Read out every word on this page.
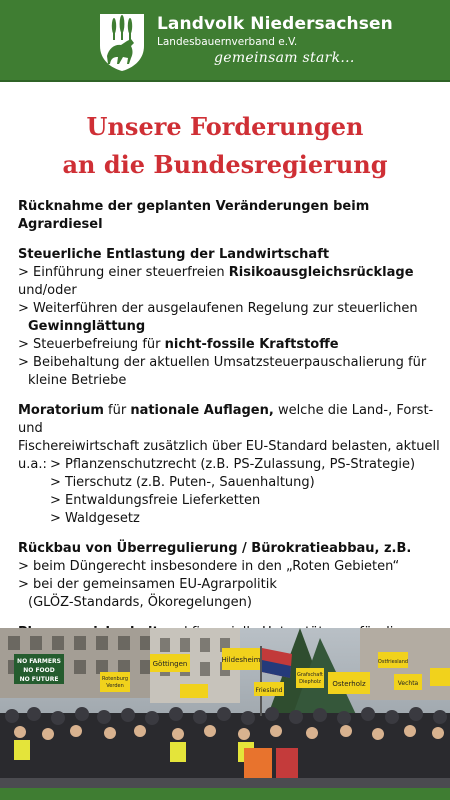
Landvolk Niedersachsen
Landesbauernverband e.V.
gemeinsam stark...
Unsere Forderungen
an die Bundesregierung

Rücknahme der geplanten Veränderungen beim Agrardiesel

Steuerliche Entlastung der Landwirtschaft

> Einführung einer steuerfreien Risikoausgleichsrücklage und/oder

> Weiterführen der ausgelaufenen Regelung zur steuerlichen

Gewinnglättung

> Steuerbefreiung für nicht-fossile Kraftstoffe

> Beibehaltung der aktuellen Umsatzsteuerpauschalierung für

kleine Betriebe

Moratorium für nationale Auflagen, welche die Land-, Forst- und

Fischereiwirtschaft zusätzlich über EU-Standard belasten, aktuell

u.a.: > Pflanzenschutzrecht (z.B. PS-Zulassung, PS-Strategie)

> Tierschutz (z.B. Puten-, Sauenhaltung)

> Entwaldungsfreie Lieferketten

> Waldgesetz

Rückbau von Überregulierung / Bürokratieabbau, z.B.

> beim Düngerecht insbesondere in den „Roten Gebieten“

> bei der gemeinsamen EU-Agrarpolitik

(GLÖZ-Standards, Ökoregelungen)

NO FARMERS
NO FOOD
NO FUTURE
Göttingen	Hildesheim
Rotenburg
Verden
Friesland
Osterholz
Grafschaft
Diepholz
Ostfriesland
Vechta
